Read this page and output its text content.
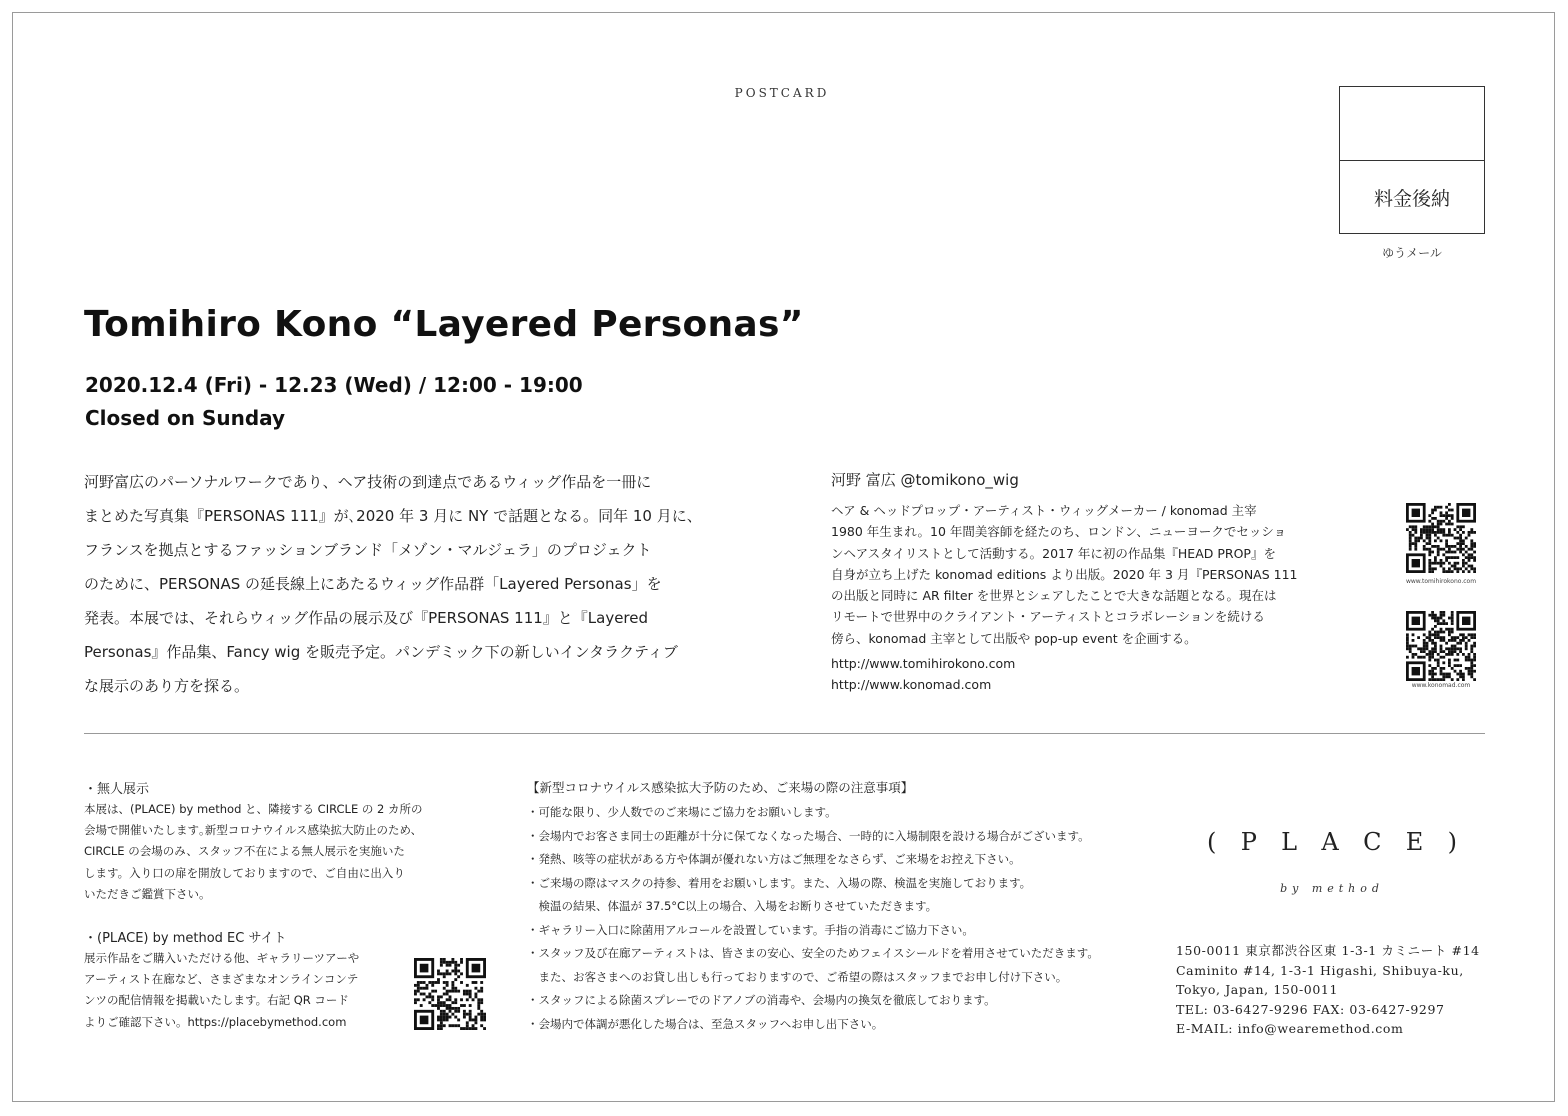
POSTCARD
料金後納
ゆうメール
Tomihiro Kono “Layered Personas”
2020.12.4 (Fri) - 12.23 (Wed) / 12:00 - 19:00
Closed on Sunday
河野富広のパーソナルワークであり、ヘア技術の到達点であるウィッグ作品を一冊に
まとめた写真集『PERSONAS 111』が､2020 年 3 月に NY で話題となる。同年 10 月に、
フランスを拠点とするファッションブランド「メゾン・マルジェラ」のプロジェクト
のために、PERSONAS の延長線上にあたるウィッグ作品群「Layered Personas」を
発表。本展では、それらウィッグ作品の展示及び『PERSONAS 111』と『Layered
Personas』作品集、Fancy wig を販売予定。パンデミック下の新しいインタラクティブ
な展示のあり方を探る。
河野 富広 @tomikono_wig
ヘア & ヘッドプロップ・アーティスト・ウィッグメーカー / konomad 主宰
1980 年生まれ。10 年間美容師を経たのち、ロンドン、ニューヨークでセッショ
ンヘアスタイリストとして活動する。2017 年に初の作品集『HEAD PROP』を
自身が立ち上げた konomad editions より出版。2020 年 3 月『PERSONAS 111
の出版と同時に AR filter を世界とシェアしたことで大きな話題となる。現在は
リモートで世界中のクライアント・アーティストとコラボレーションを続ける
傍ら、konomad 主宰として出版や pop-up event を企画する。
http://www.tomihirokono.com
http://www.konomad.com
www.tomihirokono.com
www.konomad.com
・無人展示
本展は、(PLACE) by method と、隣接する CIRCLE の 2 カ所の
会場で開催いたします｡新型コロナウイルス感染拡大防止のため、
CIRCLE の会場のみ、スタッフ不在による無人展示を実施いた
します。入り口の扉を開放しておりますので、ご自由に出入り
いただきご鑑賞下さい。
・(PLACE) by method EC サイト
展示作品をご購入いただける他、ギャラリーツアーや
アーティスト在廊など、さまざまなオンラインコンテ
ンツの配信情報を掲載いたします。右記 QR コード
よりご確認下さい。https://placebymethod.com
【新型コロナウイルス感染拡大予防のため、ご来場の際の注意事項】
・可能な限り、少人数でのご来場にご協力をお願いします。
・会場内でお客さま同士の距離が十分に保てなくなった場合、一時的に入場制限を設ける場合がございます。
・発熱、咳等の症状がある方や体調が優れない方はご無理をなさらず、ご来場をお控え下さい。
・ご来場の際はマスクの持参、着用をお願いします。また、入場の際、検温を実施しております。
　検温の結果、体温が 37.5°C以上の場合、入場をお断りさせていただきます。
・ギャラリー入口に除菌用アルコールを設置しています。手指の消毒にご協力下さい。
・スタッフ及び在廊アーティストは、皆さまの安心、安全のためフェイスシールドを着用させていただきます。
　また、お客さまへのお貸し出しも行っておりますので、ご希望の際はスタッフまでお申し付け下さい。
・スタッフによる除菌スプレーでのドアノブの消毒や、会場内の換気を徹底しております。
・会場内で体調が悪化した場合は、至急スタッフへお申し出下さい。
( P L A C E )
by method
150-0011 東京都渋谷区東 1-3-1 カミニート #14
Caminito #14, 1-3-1 Higashi, Shibuya-ku,
Tokyo, Japan, 150-0011
TEL: 03-6427-9296 FAX: 03-6427-9297
E-MAIL: info@wearemethod.com
